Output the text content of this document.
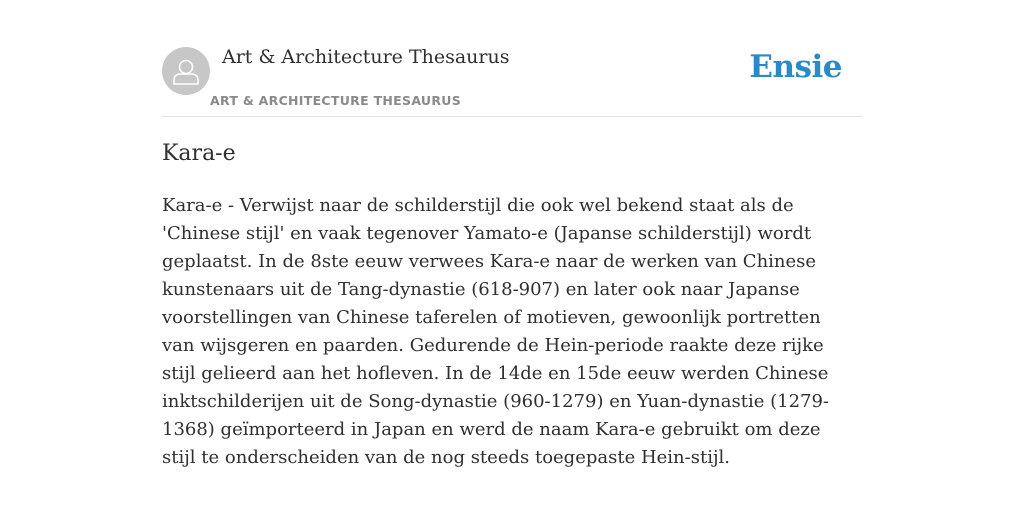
Art & Architecture Thesaurus
ART & ARCHITECTURE THESAURUS
Ensie
Kara-e

Kara-e - Verwijst naar de schilderstijl die ook wel bekend staat als de 'Chinese stijl' en vaak tegenover Yamato-e (Japanse schilderstijl) wordt geplaatst. In de 8ste eeuw verwees Kara-e naar de werken van Chinese kunstenaars uit de Tang-dynastie (618-907) en later ook naar Japanse voorstellingen van Chinese taferelen of motieven, gewoonlijk portretten van wijsgeren en paarden. Gedurende de Hein-periode raakte deze rijke stijl gelieerd aan het hofleven. In de 14de en 15de eeuw werden Chinese inktschilderijen uit de Song-dynastie (960-1279) en Yuan-dynastie (1279-1368) geïmporteerd in Japan en werd de naam Kara-e gebruikt om deze stijl te onderscheiden van de nog steeds toegepaste Hein-stijl.
